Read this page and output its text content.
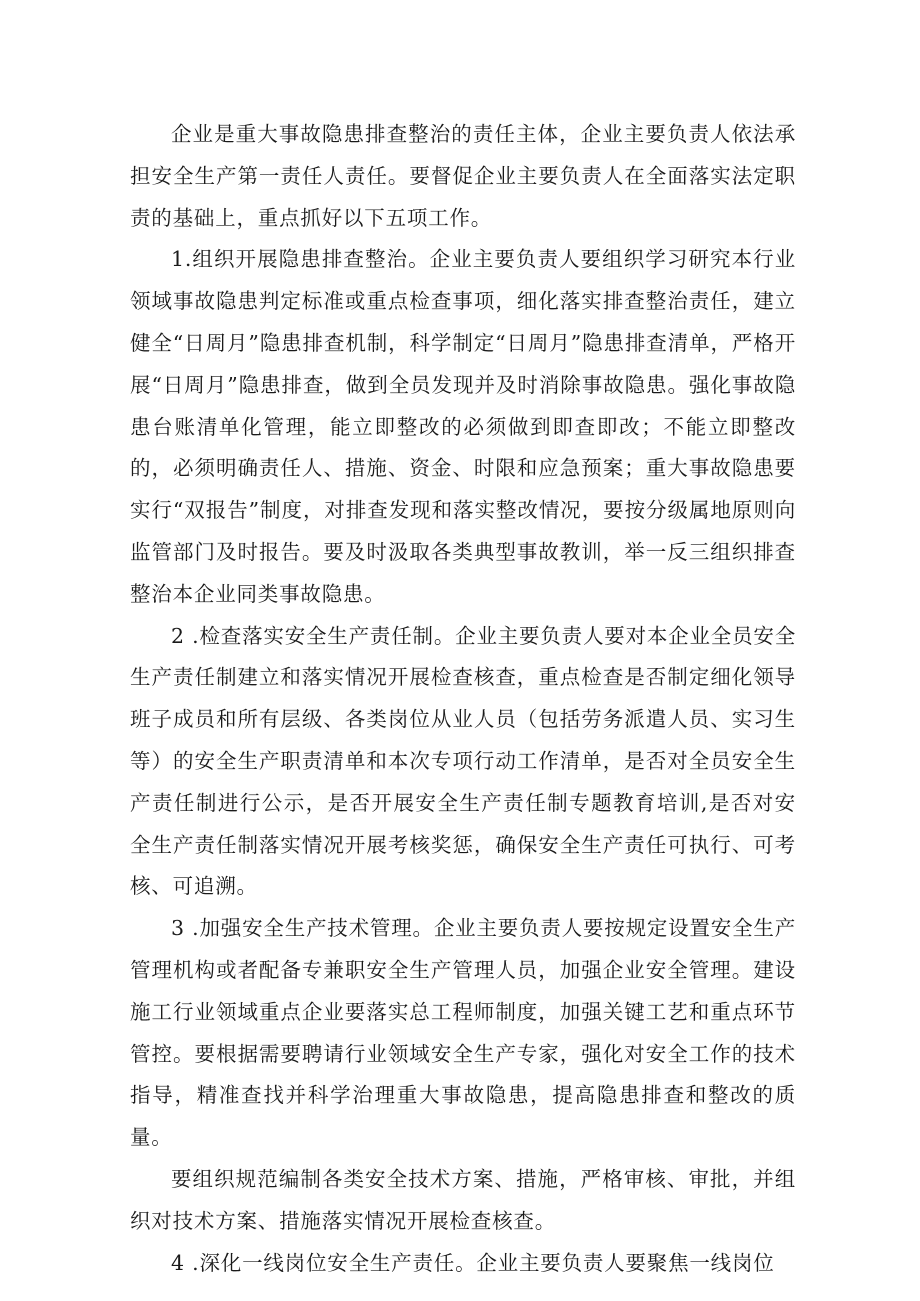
企业是重大事故隐患排查整治的责任主体，企业主要负责人依法承担安全生产第一责任人责任。要督促企业主要负责人在全面落实法定职责的基础上，重点抓好以下五项工作。

1.组织开展隐患排查整治。企业主要负责人要组织学习研究本行业领域事故隐患判定标准或重点检查事项，细化落实排查整治责任，建立健全“日周月”隐患排查机制，科学制定“日周月”隐患排查清单，严格开展“日周月”隐患排查，做到全员发现并及时消除事故隐患。强化事故隐患台账清单化管理，能立即整改的必须做到即查即改；不能立即整改的，必须明确责任人、措施、资金、时限和应急预案；重大事故隐患要实行“双报告”制度，对排查发现和落实整改情况，要按分级属地原则向监管部门及时报告。要及时汲取各类典型事故教训，举一反三组织排查整治本企业同类事故隐患。

2 .检查落实安全生产责任制。企业主要负责人要对本企业全员安全生产责任制建立和落实情况开展检查核查，重点检查是否制定细化领导班子成员和所有层级、各类岗位从业人员（包括劳务派遣人员、实习生等）的安全生产职责清单和本次专项行动工作清单，是否对全员安全生产责任制进行公示，是否开展安全生产责任制专题教育培训,是否对安全生产责任制落实情况开展考核奖惩，确保安全生产责任可执行、可考核、可追溯。

3 .加强安全生产技术管理。企业主要负责人要按规定设置安全生产管理机构或者配备专兼职安全生产管理人员，加强企业安全管理。建设施工行业领域重点企业要落实总工程师制度，加强关键工艺和重点环节管控。要根据需要聘请行业领域安全生产专家，强化对安全工作的技术指导，精准查找并科学治理重大事故隐患，提高隐患排查和整改的质量。

要组织规范编制各类安全技术方案、措施，严格审核、审批，并组织对技术方案、措施落实情况开展检查核查。

4 .深化一线岗位安全生产责任。企业主要负责人要聚焦一线岗位
